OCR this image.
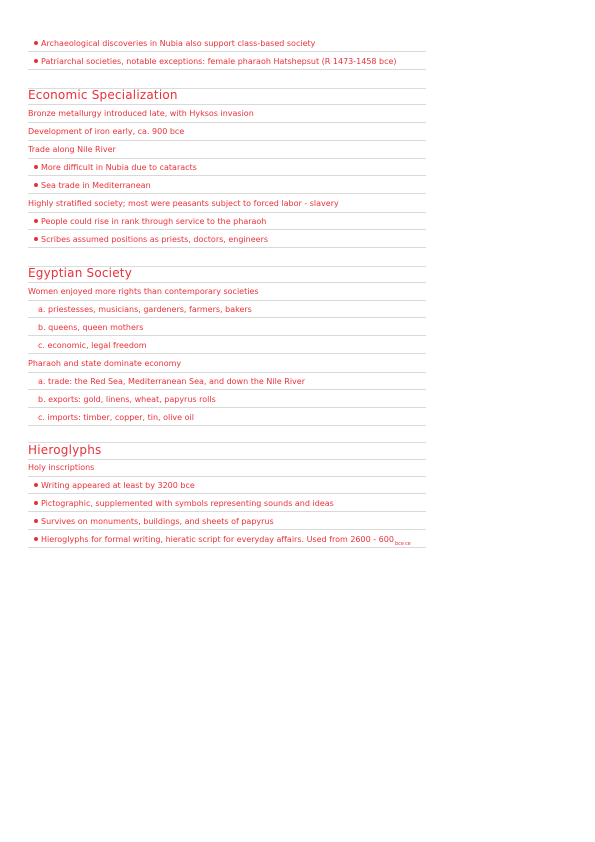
Archaeological discoveries in Nubia also support class-based society
Patriarchal societies, notable exceptions: female pharaoh Hatshepsut (R 1473-1458 bce)
Economic Specialization
Bronze metallurgy introduced late, with Hyksos invasion
Development of iron early, ca. 900 bce
Trade along Nile River
More difficult in Nubia due to cataracts
Sea trade in Mediterranean
Highly stratified society; most were peasants subject to forced labor - slavery
People could rise in rank through service to the pharaoh
Scribes assumed positions as priests, doctors, engineers
Egyptian Society
Women enjoyed more rights than contemporary societies
a. priestesses, musicians, gardeners, farmers, bakers
b. queens, queen mothers
c. economic, legal freedom
Pharaoh and state dominate economy
a. trade: the Red Sea, Mediterranean Sea, and down the Nile River
b. exports: gold, linens, wheat, papyrus rolls
c. imports: timber, copper, tin, olive oil
Hieroglyphs
Holy inscriptions
Writing appeared at least by 3200 bce
Pictographic, supplemented with symbols representing sounds and ideas
Survives on monuments, buildings, and sheets of papyrus
Hieroglyphs for formal writing, hieratic script for everyday affairs. Used from $2600 - 600_{bcece}$
